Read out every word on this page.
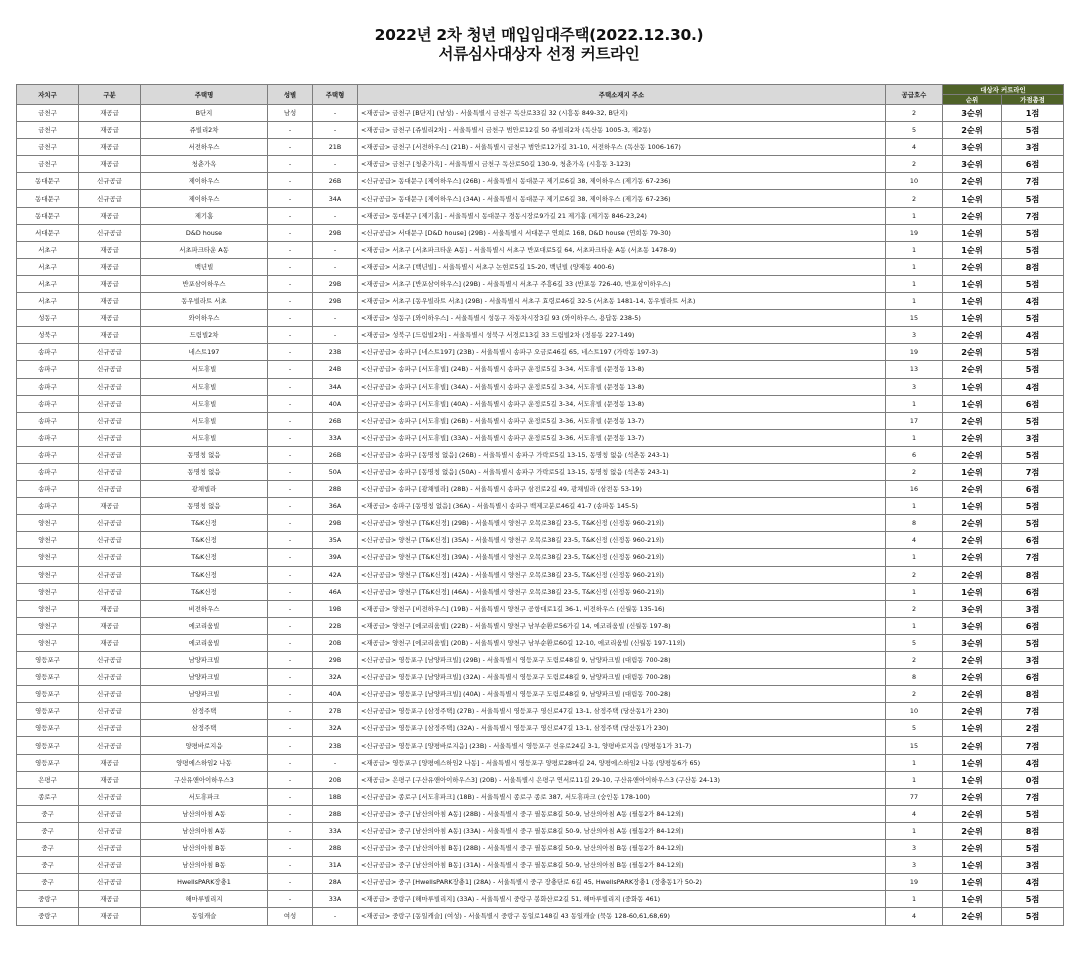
2022년 2차 청년 매입임대주택(2022.12.30.)
서류심사대상자 선정 커트라인
자치구	구분	주택명	성별	주택형	주택소재지 주소	공급호수	대상자 커트라인	
							순위	가점총점
금천구	재공급	B단지	남성	-	<재공급> 금천구 [B단지] (남성) - 서울특별시 금천구 독산로33길 32 (시흥동 849-32, B단지)	2	3순위	1점
금천구	재공급	쥬빌리2차	-	-	<재공급> 금천구 [쥬빌리2차] - 서울특별시 금천구 범안로12길 50 쥬빌리2차 (독산동 1005-3, 제2동)	5	2순위	5점
금천구	재공급	서전하우스	-	21B	<재공급> 금천구 [서전하우스] (21B) - 서울특별시 금천구 범안로12가길 31-10, 서전하우스 (독산동 1006-167)	4	3순위	3점
금천구	재공급	청춘가옥	-	-	<재공급> 금천구 [청춘가옥] - 서울특별시 금천구 독산로50길 130-9, 청춘가옥 (시흥동 3-123)	2	3순위	6점
동대문구	신규공급	제이하우스	-	26B	<신규공급> 동대문구 [제이하우스] (26B) - 서울특별시 동대문구 제기로6길 38, 제이하우스 (제기동 67-236)	10	2순위	7점
동대문구	신규공급	제이하우스	-	34A	<신규공급> 동대문구 [제이하우스] (34A) - 서울특별시 동대문구 제기로6길 38, 제이하우스 (제기동 67-236)	2	1순위	5점
동대문구	재공급	제기홈	-	-	<재공급> 동대문구 [제기홈] - 서울특별시 동대문구 경동시장로9가길 21 제기홈 (제기동 846-23,24)	1	2순위	7점
서대문구	신규공급	D&D house	-	29B	<신규공급> 서대문구 [D&D house] (29B) - 서울특별시 서대문구 연희로 168, D&D house (연희동 79-30)	19	1순위	5점
서초구	재공급	서초파크타운 A동	-	-	<재공급> 서초구 [서초파크타운 A동] - 서울특별시 서초구 반포대로5길 64, 서초파크타운 A동 (서초동 1478-9)	1	1순위	5점
서초구	재공급	백년빌	-	-	<재공급> 서초구 [백년빌] - 서울특별시 서초구 논현로5길 15-20, 백년빌 (양재동 400-6)	1	2순위	8점
서초구	재공급	반포삼이하우스	-	29B	<재공급> 서초구 [반포삼이하우스] (29B) - 서울특별시 서초구 주흥6길 33 (반포동 726-40, 반포삼이하우스)	1	1순위	5점
서초구	재공급	동우빌라트 서초	-	29B	<재공급> 서초구 [동우빌라트 서초] (29B) - 서울특별시 서초구 효령로46길 32-5 (서초동 1481-14, 동우빌라트 서초)	1	1순위	4점
성동구	재공급	와이하우스	-	-	<재공급> 성동구 [와이하우스] - 서울특별시 성동구 자동차시장3길 93 (와이하우스, 용답동 238-5)	15	1순위	5점
성북구	재공급	드림빌2차	-	-	<재공급> 성북구 [드림빌2차] - 서울특별시 성북구 서경로13길 33 드림빌2차 (정릉동 227-149)	3	2순위	4점
송파구	신규공급	네스트197	-	23B	<신규공급> 송파구 [네스트197] (23B) - 서울특별시 송파구 오금로46길 65, 네스트197 (가락동 197-3)	19	2순위	5점
송파구	신규공급	서도휴빌	-	24B	<신규공급> 송파구 [서도휴빌] (24B) - 서울특별시 송파구 운정로5길 3-34, 서도휴빌 (문정동 13-8)	13	2순위	5점
송파구	신규공급	서도휴빌	-	34A	<신규공급> 송파구 [서도휴빌] (34A) - 서울특별시 송파구 운정로5길 3-34, 서도휴빌 (문정동 13-8)	3	1순위	4점
송파구	신규공급	서도휴빌	-	40A	<신규공급> 송파구 [서도휴빌] (40A) - 서울특별시 송파구 운정로5길 3-34, 서도휴빌 (문정동 13-8)	1	1순위	6점
송파구	신규공급	서도휴빌	-	26B	<신규공급> 송파구 [서도휴빌] (26B) - 서울특별시 송파구 운정로5길 3-36, 서도휴빌 (문정동 13-7)	17	2순위	5점
송파구	신규공급	서도휴빌	-	33A	<신규공급> 송파구 [서도휴빌] (33A) - 서울특별시 송파구 운정로5길 3-36, 서도휴빌 (문정동 13-7)	1	2순위	3점
송파구	신규공급	동명칭 없음	-	26B	<신규공급> 송파구 [동명칭 없음] (26B) - 서울특별시 송파구 가락로5길 13-15, 동명칭 없음 (석촌동 243-1)	6	2순위	5점
송파구	신규공급	동명칭 없음	-	50A	<신규공급> 송파구 [동명칭 없음] (50A) - 서울특별시 송파구 가락로5길 13-15, 동명칭 없음 (석촌동 243-1)	2	1순위	7점
송파구	신규공급	광채빌라	-	28B	<신규공급> 송파구 [광채빌라] (28B) - 서울특별시 송파구 삼전로2길 49, 광채빌라 (삼전동 53-19)	16	2순위	6점
송파구	재공급	동명칭 없음	-	36A	<재공급> 송파구 [동명칭 없음] (36A) - 서울특별시 송파구 백제고분로46길 41-7 (송파동 145-5)	1	1순위	5점
양천구	신규공급	T&K신정	-	29B	<신규공급> 양천구 [T&K신정] (29B) - 서울특별시 양천구 오목로38길 23-5, T&K신정 (신정동 960-21외)	8	2순위	5점
양천구	신규공급	T&K신정	-	35A	<신규공급> 양천구 [T&K신정] (35A) - 서울특별시 양천구 오목로38길 23-5, T&K신정 (신정동 960-21외)	4	2순위	6점
양천구	신규공급	T&K신정	-	39A	<신규공급> 양천구 [T&K신정] (39A) - 서울특별시 양천구 오목로38길 23-5, T&K신정 (신정동 960-21외)	1	2순위	7점
양천구	신규공급	T&K신정	-	42A	<신규공급> 양천구 [T&K신정] (42A) - 서울특별시 양천구 오목로38길 23-5, T&K신정 (신정동 960-21외)	2	2순위	8점
양천구	신규공급	T&K신정	-	46A	<신규공급> 양천구 [T&K신정] (46A) - 서울특별시 양천구 오목로38길 23-5, T&K신정 (신정동 960-21외)	1	1순위	6점
양천구	재공급	비전하우스	-	19B	<재공급> 양천구 [비전하우스] (19B) - 서울특별시 양천구 공항대로1길 36-1, 비전하우스 (신월동 135-16)	2	3순위	3점
양천구	재공급	에코리움빌	-	22B	<재공급> 양천구 [에코리움빌] (22B) - 서울특별시 양천구 남부순환로56가길 14, 에코리움빌 (신월동 197-8)	1	3순위	6점
양천구	재공급	에코리움빌	-	20B	<재공급> 양천구 [에코리움빌] (20B) - 서울특별시 양천구 남부순환로60길 12-10, 에코리움빌 (신월동 197-11외)	5	3순위	5점
영등포구	신규공급	남양파크빌	-	29B	<신규공급> 영등포구 [남양파크빌] (29B) - 서울특별시 영등포구 도림로48길 9, 남양파크빌 (대림동 700-28)	2	2순위	3점
영등포구	신규공급	남양파크빌	-	32A	<신규공급> 영등포구 [남양파크빌] (32A) - 서울특별시 영등포구 도림로48길 9, 남양파크빌 (대림동 700-28)	8	2순위	6점
영등포구	신규공급	남양파크빌	-	40A	<신규공급> 영등포구 [남양파크빌] (40A) - 서울특별시 영등포구 도림로48길 9, 남양파크빌 (대림동 700-28)	2	2순위	8점
영등포구	신규공급	삼정주택	-	27B	<신규공급> 영등포구 [삼정주택] (27B) - 서울특별시 영등포구 영신로47길 13-1, 삼정주택 (당산동1가 230)	10	2순위	7점
영등포구	신규공급	삼정주택	-	32A	<신규공급> 영등포구 [삼정주택] (32A) - 서울특별시 영등포구 영신로47길 13-1, 삼정주택 (당산동1가 230)	5	1순위	2점
영등포구	신규공급	양평바로지음	-	23B	<신규공급> 영등포구 [양평바로지음] (23B) - 서울특별시 영등포구 선유로24길 3-1, 양평바로지음 (양평동1가 31-7)	15	2순위	7점
영등포구	재공급	양평에스하임2 나동	-	-	<재공급> 영등포구 [양평에스하임2 나동] - 서울특별시 영등포구 양평로28마길 24, 양평에스하임2 나동 (양평동6가 65)	1	1순위	4점
은평구	재공급	구산유앤아이하우스3	-	20B	<재공급> 은평구 [구산유앤아이하우스3] (20B) - 서울특별시 은평구 연서로11길 29-10, 구산유앤아이하우스3 (구산동 24-13)	1	1순위	0점
종로구	신규공급	서도휴파크	-	18B	<신규공급> 종로구 [서도휴파크] (18B) - 서울특별시 종로구 종로 387, 서도휴파크 (숭인동 178-100)	77	2순위	7점
중구	신규공급	남산의아침 A동	-	28B	<신규공급> 중구 [남산의아침 A동] (28B) - 서울특별시 중구 필동로8길 50-9, 남산의아침 A동 (필동2가 84-12외)	4	2순위	5점
중구	신규공급	남산의아침 A동	-	33A	<신규공급> 중구 [남산의아침 A동] (33A) - 서울특별시 중구 필동로8길 50-9, 남산의아침 A동 (필동2가 84-12외)	1	2순위	8점
중구	신규공급	남산의아침 B동	-	28B	<신규공급> 중구 [남산의아침 B동] (28B) - 서울특별시 중구 필동로8길 50-9, 남산의아침 B동 (필동2가 84-12외)	3	2순위	5점
중구	신규공급	남산의아침 B동	-	31A	<신규공급> 중구 [남산의아침 B동] (31A) - 서울특별시 중구 필동로8길 50-9, 남산의아침 B동 (필동2가 84-12외)	3	1순위	3점
중구	신규공급	HwellsPARK장충1	-	28A	<신규공급> 중구 [HwellsPARK장충1] (28A) - 서울특별시 중구 장충단로 6길 45, HwellsPARK장충1 (장충동1가 50-2)	19	1순위	4점
중랑구	재공급	해마루빌리지	-	33A	<재공급> 중랑구 [해마루빌리지] (33A) - 서울특별시 중랑구 봉화산로2길 51, 해마루빌리지 (중화동 461)	1	1순위	5점
중랑구	재공급	동일캐슬	여성	-	<재공급> 중랑구 [동일캐슬] (여성) - 서울특별시 중랑구 동일로148길 43 동일캐슬 (묵동 128-60,61,68,69)	4	2순위	5점
